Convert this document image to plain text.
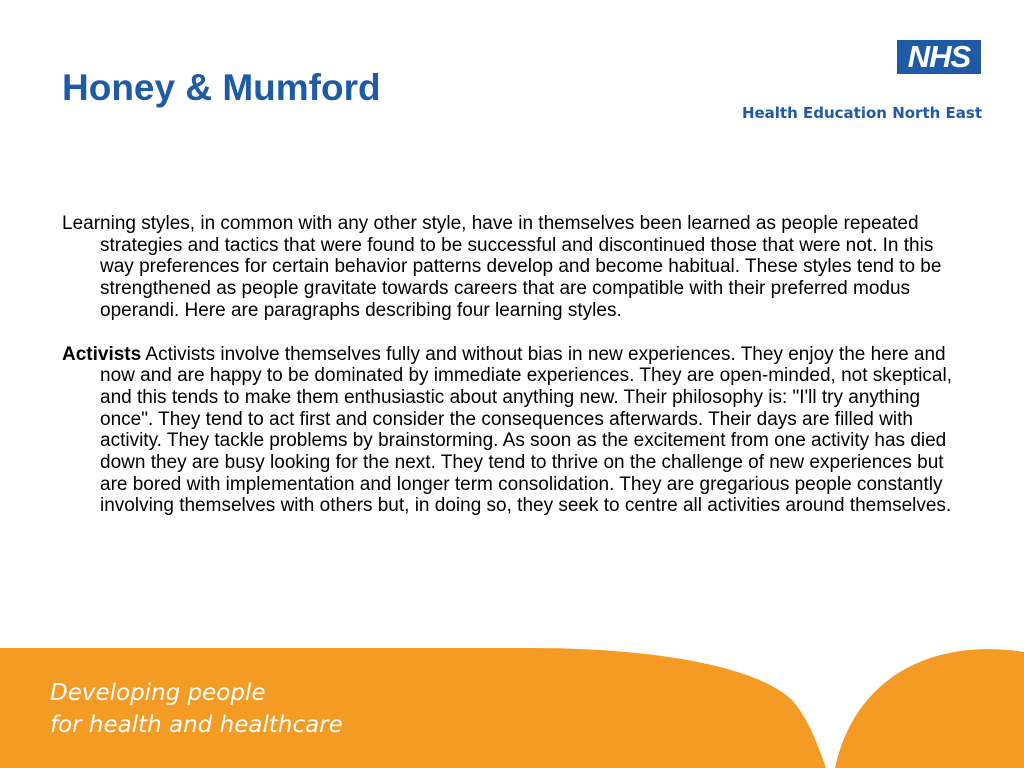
Honey & Mumford
NHS
Health Education North East

Learning styles, in common with any other style, have in themselves been learned as people repeated strategies and tactics that were found to be successful and discontinued those that were not. In this way preferences for certain behavior patterns develop and become habitual. These styles tend to be strengthened as people gravitate towards careers that are compatible with their preferred modus operandi. Here are paragraphs describing four learning styles.

Activists Activists involve themselves fully and without bias in new experiences. They enjoy the here and now and are happy to be dominated by immediate experiences. They are open-minded, not skeptical, and this tends to make them enthusiastic about anything new. Their philosophy is: "I'll try anything once". They tend to act first and consider the consequences afterwards. Their days are filled with activity. They tackle problems by brainstorming. As soon as the excitement from one activity has died down they are busy looking for the next. They tend to thrive on the challenge of new experiences but are bored with implementation and longer term consolidation. They are gregarious people constantly involving themselves with others but, in doing so, they seek to centre all activities around themselves.

Developing people
for health and healthcare
